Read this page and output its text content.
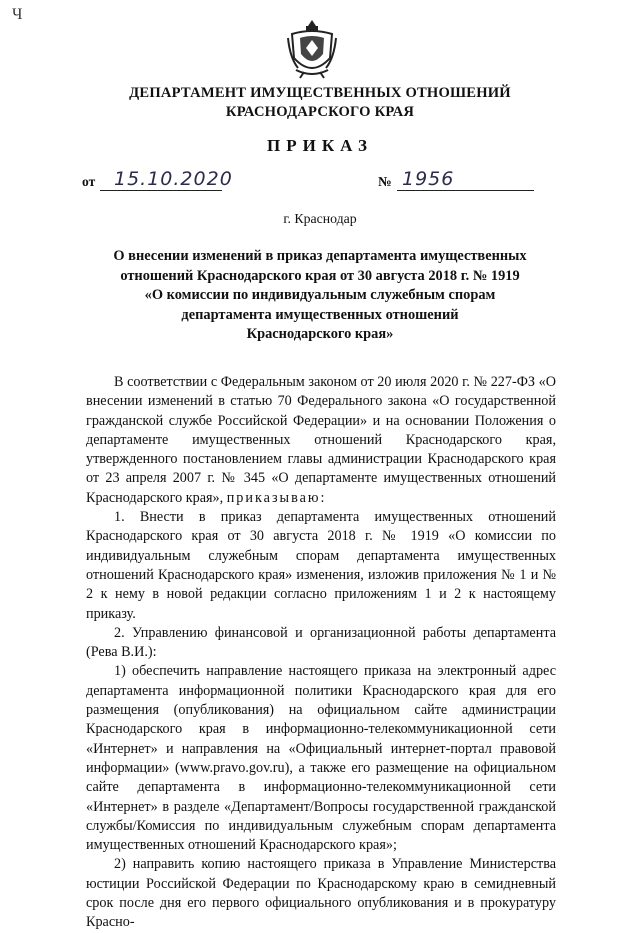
Ч
ДЕПАРТАМЕНТ ИМУЩЕСТВЕННЫХ ОТНОШЕНИЙ
КРАСНОДАРСКОГО КРАЯ
ПРИКАЗ
от 15.10.2020	№ 1956
г. Краснодар
О внесении изменений в приказ департамента имущественных
отношений Краснодарского края от 30 августа 2018 г. № 1919
«О комиссии по индивидуальным служебным спорам
департамента имущественных отношений
Краснодарского края»

В соответствии с Федеральным законом от 20 июля 2020 г. № 227-ФЗ «О внесении изменений в статью 70 Федерального закона «О государственной гражданской службе Российской Федерации» и на основании Положения о департаменте имущественных отношений Краснодарского края, утвержденного постановлением главы администрации Краснодарского края от 23 апреля 2007 г. № 345 «О департаменте имущественных отношений Краснодарского края», приказываю:

1. Внести в приказ департамента имущественных отношений Краснодарского края от 30 августа 2018 г. № 1919 «О комиссии по индивидуальным служебным спорам департамента имущественных отношений Краснодарского края» изменения, изложив приложения № 1 и № 2 к нему в новой редакции согласно приложениям 1 и 2 к настоящему приказу.

2. Управлению финансовой и организационной работы департамента (Рева В.И.):

1) обеспечить направление настоящего приказа на электронный адрес департамента информационной политики Краснодарского края для его размещения (опубликования) на официальном сайте администрации Краснодарского края в информационно-телекоммуникационной сети «Интернет» и направления на «Официальный интернет-портал правовой информации» (www.pravo.gov.ru), а также его размещение на официальном сайте департамента в информационно-телекоммуникационной сети «Интернет» в разделе «Департамент/Вопросы государственной гражданской службы/Комиссия по индивидуальным служебным спорам департамента имущественных отношений Краснодарского края»;

2) направить копию настоящего приказа в Управление Министерства юстиции Российской Федерации по Краснодарскому краю в семидневный срок после дня его первого официального опубликования и в прокуратуру Красно-
